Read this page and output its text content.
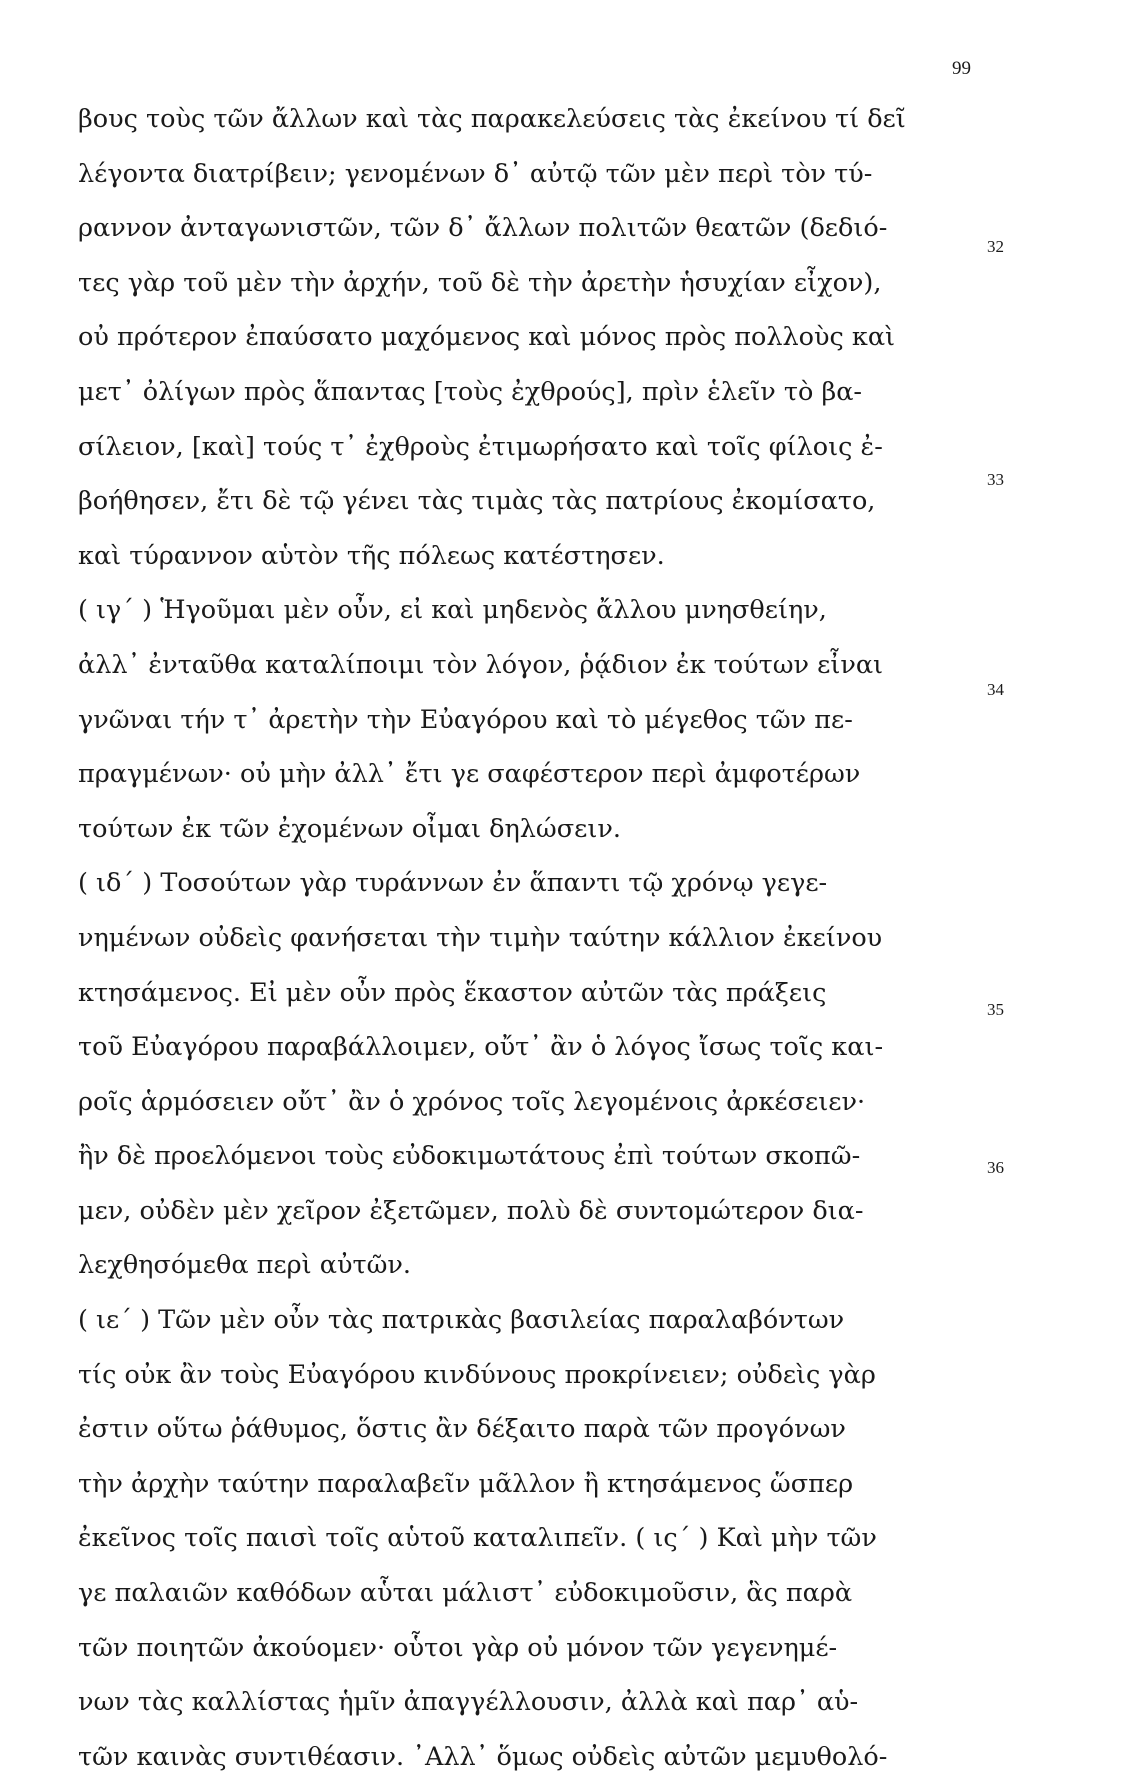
99
βους τοὺς τῶν ἄλλων καὶ τὰς παρακελεύσεις τὰς ἐκείνου τί δεῖ
λέγοντα διατρίβειν; γενομένων δ᾽ αὐτῷ τῶν μὲν περὶ τὸν τύ-
ραννον ἀνταγωνιστῶν, τῶν δ᾽ ἄλλων πολιτῶν θεατῶν (δεδιό-
τες γὰρ τοῦ μὲν τὴν ἀρχήν, τοῦ δὲ τὴν ἀρετὴν ἡσυχίαν εἶχον),
οὐ πρότερον ἐπαύσατο μαχόμενος καὶ μόνος πρὸς πολλοὺς καὶ
μετ᾽ ὀλίγων πρὸς ἅπαντας [τοὺς ἐχθρούς], πρὶν ἑλεῖν τὸ βα-
σίλειον, [καὶ] τούς τ᾽ ἐχθροὺς ἐτιμωρήσατο καὶ τοῖς φίλοις ἐ-
βοήθησεν, ἔτι δὲ τῷ γένει τὰς τιμὰς τὰς πατρίους ἐκομίσατο,
καὶ τύραννον αὑτὸν τῆς πόλεως κατέστησεν.
( ιγ΄ ) Ἡγοῦμαι μὲν οὖν, εἰ καὶ μηδενὸς ἄλλου μνησθείην,
ἀλλ᾽ ἐνταῦθα καταλίποιμι τὸν λόγον, ῥᾴδιον ἐκ τούτων εἶναι
γνῶναι τήν τ᾽ ἀρετὴν τὴν Εὐαγόρου καὶ τὸ μέγεθος τῶν πε-
πραγμένων· οὐ μὴν ἀλλ᾽ ἔτι γε σαφέστερον περὶ ἀμφοτέρων
τούτων ἐκ τῶν ἐχομένων οἶμαι δηλώσειν.
( ιδ΄ ) Τοσούτων γὰρ τυράννων ἐν ἅπαντι τῷ χρόνῳ γεγε-
νημένων οὐδεὶς φανήσεται τὴν τιμὴν ταύτην κάλλιον ἐκείνου
κτησάμενος. Εἰ μὲν οὖν πρὸς ἕκαστον αὐτῶν τὰς πράξεις
τοῦ Εὐαγόρου παραβάλλοιμεν, οὔτ᾽ ἂν ὁ λόγος ἴσως τοῖς και-
ροῖς ἁρμόσειεν οὔτ᾽ ἂν ὁ χρόνος τοῖς λεγομένοις ἀρκέσειεν·
ἢν δὲ προελόμενοι τοὺς εὐδοκιμωτάτους ἐπὶ τούτων σκοπῶ-
μεν, οὐδὲν μὲν χεῖρον ἐξετῶμεν, πολὺ δὲ συντομώτερον δια-
λεχθησόμεθα περὶ αὐτῶν.
( ιε΄ ) Τῶν μὲν οὖν τὰς πατρικὰς βασιλείας παραλαβόντων
τίς οὐκ ἂν τοὺς Εὐαγόρου κινδύνους προκρίνειεν; οὐδεὶς γὰρ
ἐστιν οὕτω ῥάθυμος, ὅστις ἂν δέξαιτο παρὰ τῶν προγόνων
τὴν ἀρχὴν ταύτην παραλαβεῖν μᾶλλον ἢ κτησάμενος ὥσπερ
ἐκεῖνος τοῖς παισὶ τοῖς αὑτοῦ καταλιπεῖν. ( ις΄ ) Καὶ μὴν τῶν
γε παλαιῶν καθόδων αὗται μάλιστ᾽ εὐδοκιμοῦσιν, ἃς παρὰ
τῶν ποιητῶν ἀκούομεν· οὗτοι γὰρ οὐ μόνον τῶν γεγενημέ-
νων τὰς καλλίστας ἡμῖν ἀπαγγέλλουσιν, ἀλλὰ καὶ παρ᾽ αὑ-
τῶν καινὰς συντιθέασιν. ᾿Αλλ᾽ ὅμως οὐδεὶς αὐτῶν μεμυθολό-
32
33
34
35
36
